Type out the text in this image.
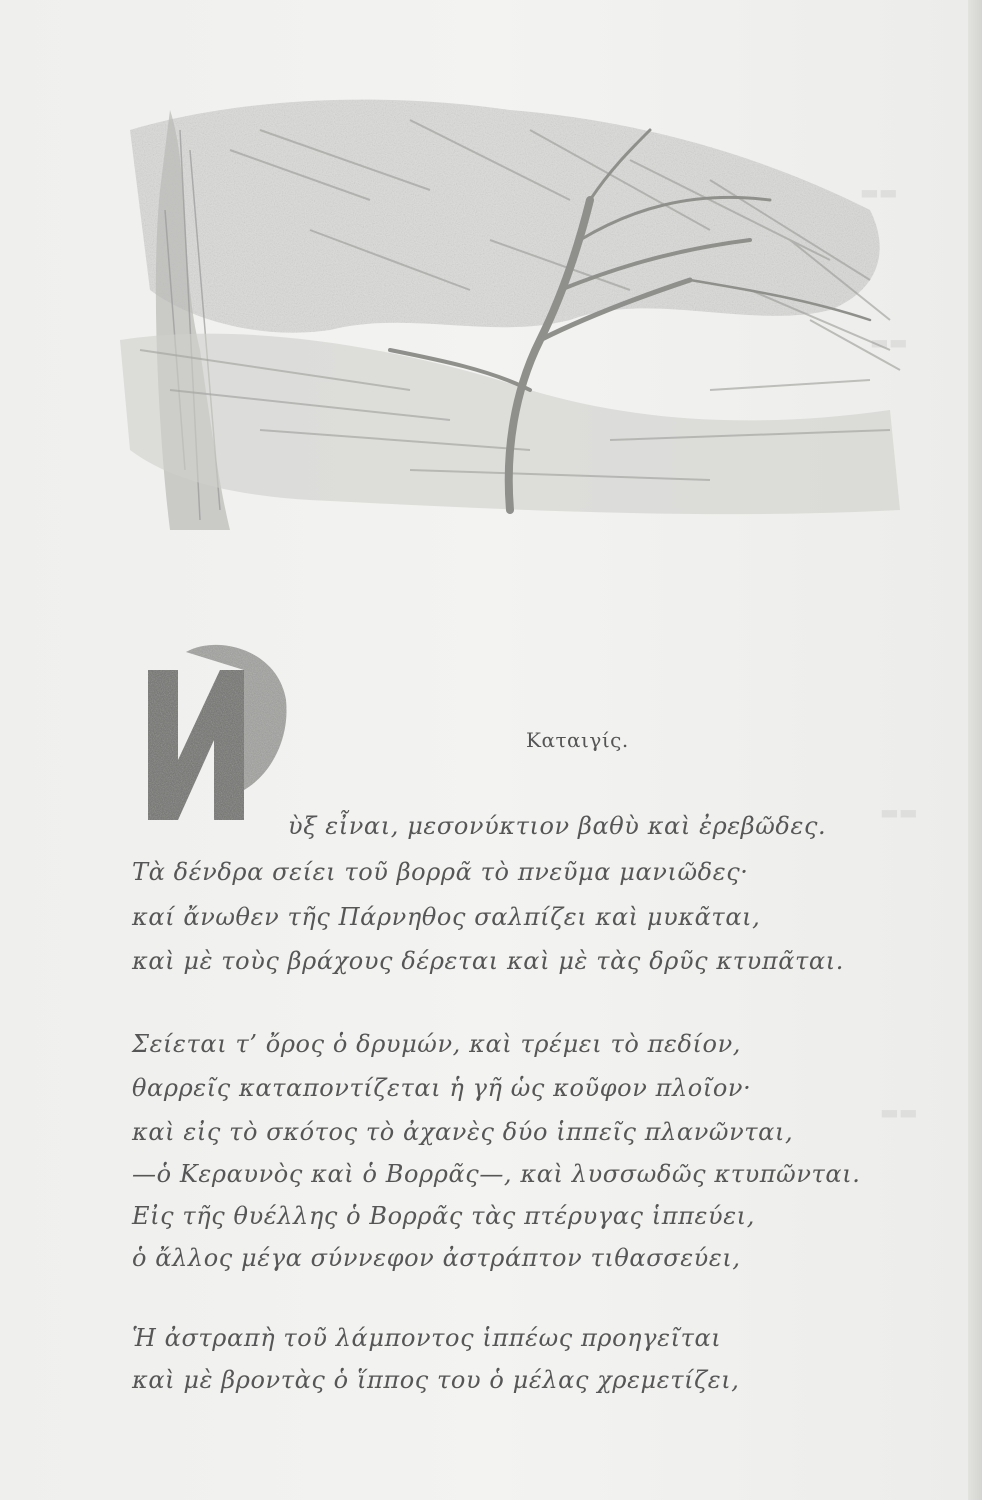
▬▬
▬▬
▬▬
▬▬
Καταιγίς.
ὺξ εἶναι, μεσονύκτιον βαθὺ καὶ ἐρεβῶδες.
Τὰ δένδρα σείει τοῦ βορρᾶ τὸ πνεῦμα μανιῶδες·
καί ἄνωθεν τῆς Πάρνηθος σαλπίζει καὶ μυκᾶται,
καὶ μὲ τοὺς βράχους δέρεται καὶ μὲ τὰς δρῦς κτυπᾶται.
Σείεται τ’ ὄρος ὁ δρυμών, καὶ τρέμει τὸ πεδίον,
θαρρεῖς καταποντίζεται ἡ γῆ ὡς κοῦφον πλοῖον·
καὶ εἰς τὸ σκότος τὸ ἀχανὲς δύο ἱππεῖς πλανῶνται,
—ὁ Κεραυνὸς καὶ ὁ Βορρᾶς—, καὶ λυσσωδῶς κτυπῶνται.
Εἰς τῆς θυέλλης ὁ Βορρᾶς τὰς πτέρυγας ἱππεύει,
ὁ ἄλλος μέγα σύννεφον ἀστράπτον τιθασσεύει,
Ἡ ἀστραπὴ τοῦ λάμποντος ἱππέως προηγεῖται
καὶ μὲ βροντὰς ὁ ἵππος του ὁ μέλας χρεμετίζει,
